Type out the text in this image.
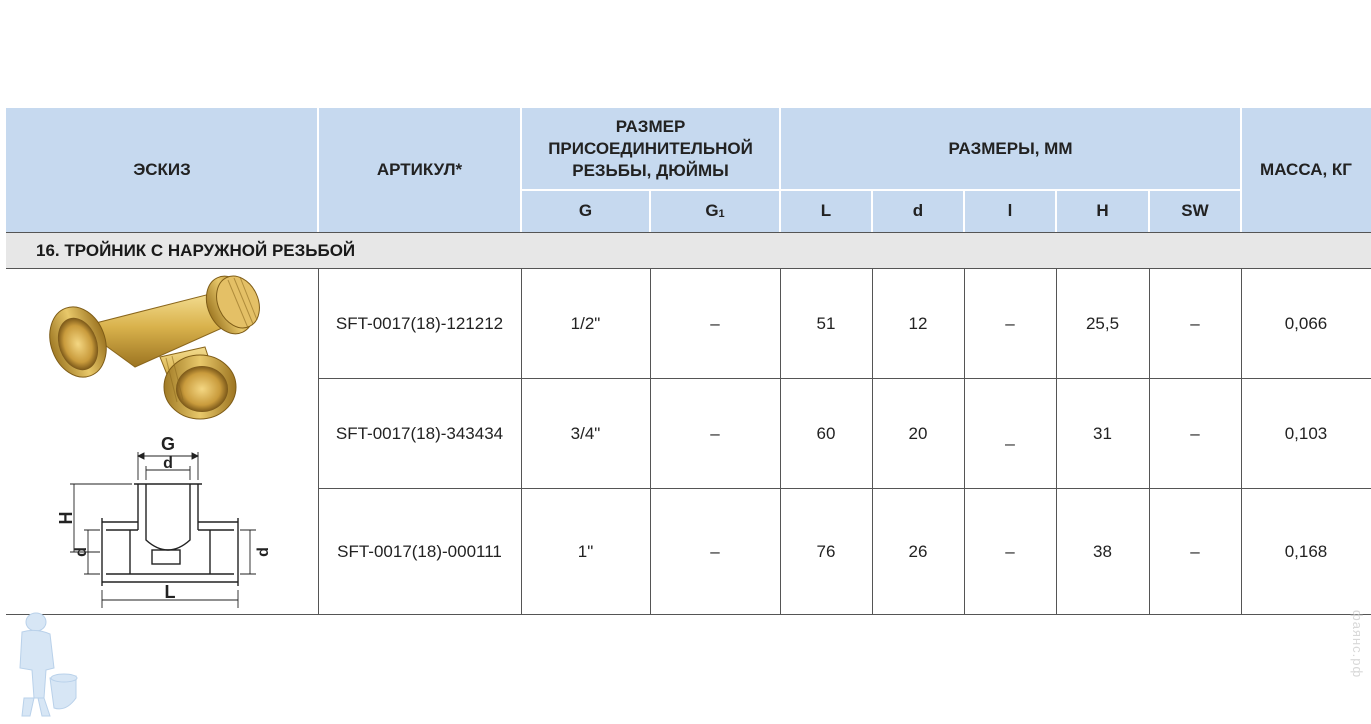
ЭСКИЗ	АРТИКУЛ*
РАЗМЕР ПРИСОЕДИНИТЕЛЬНОЙ РЕЗЬБЫ, ДЮЙМЫ
РАЗМЕРЫ, ММ
МАССА, КГ
G	G 1	L	d	l	H	SW
16. ТРОЙНИК С НАРУЖНОЙ РЕЗЬБОЙ
SFT-0017(18)-121212	1/2"	–	51	12	–	25,5	–	0,066
SFT-0017(18)-343434	3/4"	–	60	20	_	31	–	0,103
SFT-0017(18)-000111	1"	–	76	26	–	38	–	0,168
G
d
H
d	d
L
фаянс.рф
